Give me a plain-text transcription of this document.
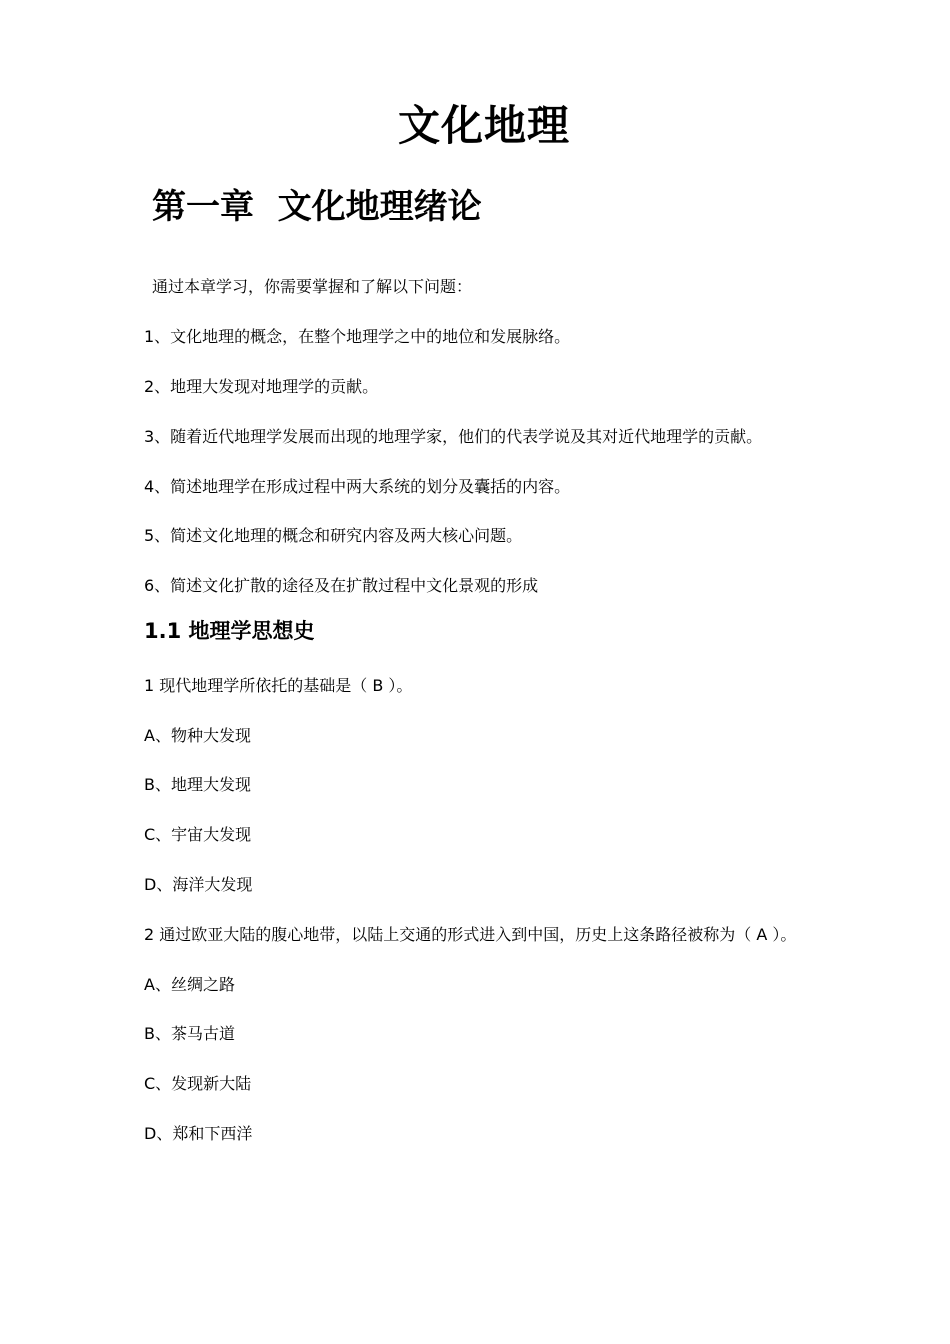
文化地理
第一章  文化地理绪论
通过本章学习，你需要掌握和了解以下问题：
1、文化地理的概念，在整个地理学之中的地位和发展脉络。
2、地理大发现对地理学的贡献。
3、随着近代地理学发展而出现的地理学家，他们的代表学说及其对近代地理学的贡献。
4、简述地理学在形成过程中两大系统的划分及囊括的内容。
5、简述文化地理的概念和研究内容及两大核心问题。
6、简述文化扩散的途径及在扩散过程中文化景观的形成
1.1 地理学思想史
1 现代地理学所依托的基础是（ B ）。
A、物种大发现
B、地理大发现
C、宇宙大发现
D、海洋大发现
2 通过欧亚大陆的腹心地带，以陆上交通的形式进入到中国，历史上这条路径被称为（ A ）。
A、丝绸之路
B、茶马古道
C、发现新大陆
D、郑和下西洋
